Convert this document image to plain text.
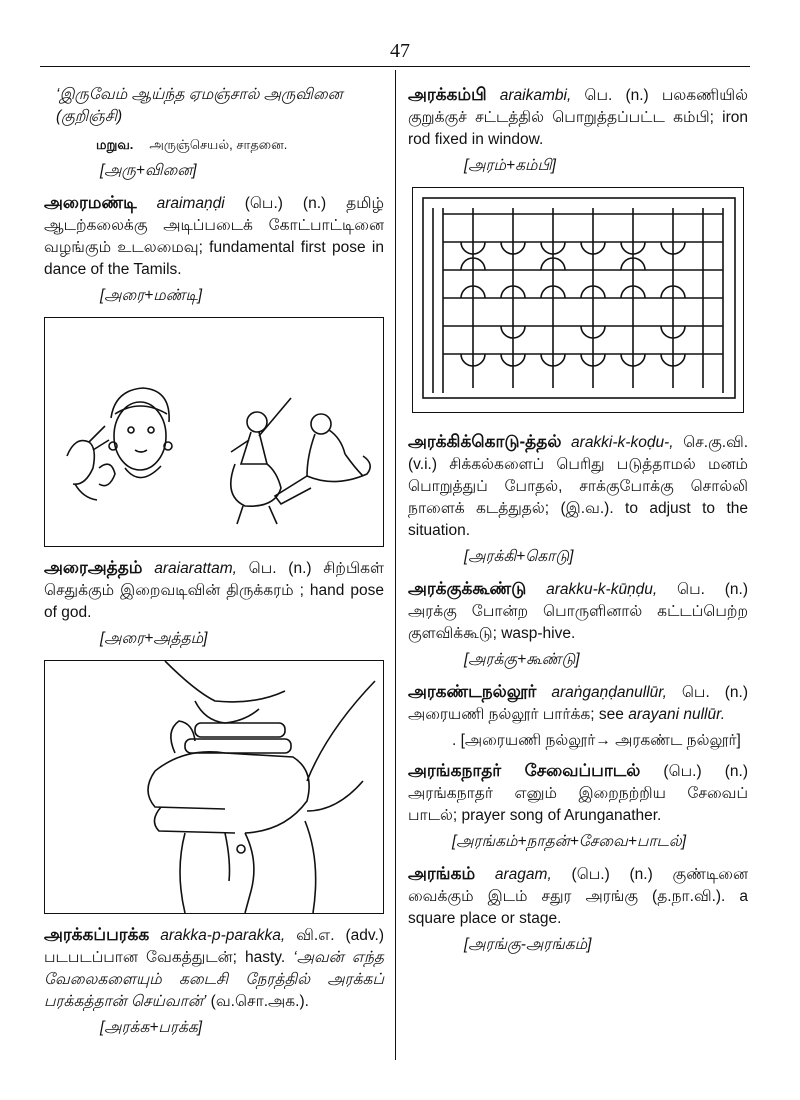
47
‘இருவேம் ஆய்ந்த ஏமஞ்சால் அருவினை
(குறிஞ்சி)
மறுவ. அருஞ்செயல், சாதனை.
[அரு+வினை]
அரைமண்டி araimaṇḍi (பெ.) (n.) தமிழ் ஆடற்கலைக்கு அடிப்படைக் கோட்பாட்டினை வழங்கும் உடலமைவு; fundamental first pose in dance of the Tamils.
[அரை+மண்டி]
அரைஅத்தம் araiarattam, பெ. (n.) சிற்பிகள் செதுக்கும் இறைவடிவின் திருக்கரம் ; hand pose of god.
[அரை+அத்தம்]
அரக்கப்பரக்க arakka-p-parakka, வி.எ. (adv.) படபடப்பான வேகத்துடன்; hasty. ‘அவன் எந்த வேலைகளையும் கடைசி நேரத்தில் அரக்கப் பரக்கத்தான் செய்வான்’ (வ.சொ.அக.).
[அரக்க+பரக்க]
அரக்கம்பி araikambi, பெ. (n.) பலகணியில் குறுக்குச் சட்டத்தில் பொறுத்தப்பட்ட கம்பி; iron rod fixed in window.
[அரம்+கம்பி]
அரக்கிக்கொடு-த்தல் arakki-k-koḍu-, செ.கு.வி. (v.i.) சிக்கல்களைப் பெரிது படுத்தாமல் மனம் பொறுத்துப் போதல், சாக்குபோக்கு சொல்லி நாளைக் கடத்துதல்; (இ.வ.). to adjust to the situation.
[அரக்கி+கொடு]
அரக்குக்கூண்டு arakku-k-kūṇḍu, பெ. (n.) அரக்கு போன்ற பொருளினால் கட்டப்பெற்ற குளவிக்கூடு; wasp-hive.
[அரக்கு+கூண்டு]
அரகண்டநல்லூர் araṅgaṇḍanullūr, பெ. (n.) அரையணி நல்லூர் பார்க்க; see arayani nullūr.
. [அரையணி நல்லூர்→ அரகண்ட நல்லூர்]
அரங்கநாதர் சேவைப்பாடல் (பெ.) (n.) அரங்கநாதர் எனும் இறைநற்றிய சேவைப் பாடல்; prayer song of Arunganather.
[அரங்கம்+நாதன்+சேவை+பாடல்]
அரங்கம் aragam, (பெ.) (n.) குண்டினை வைக்கும் இடம் சதுர அரங்கு (த.நா.வி.). a square place or stage.
[அரங்கு-அரங்கம்]
